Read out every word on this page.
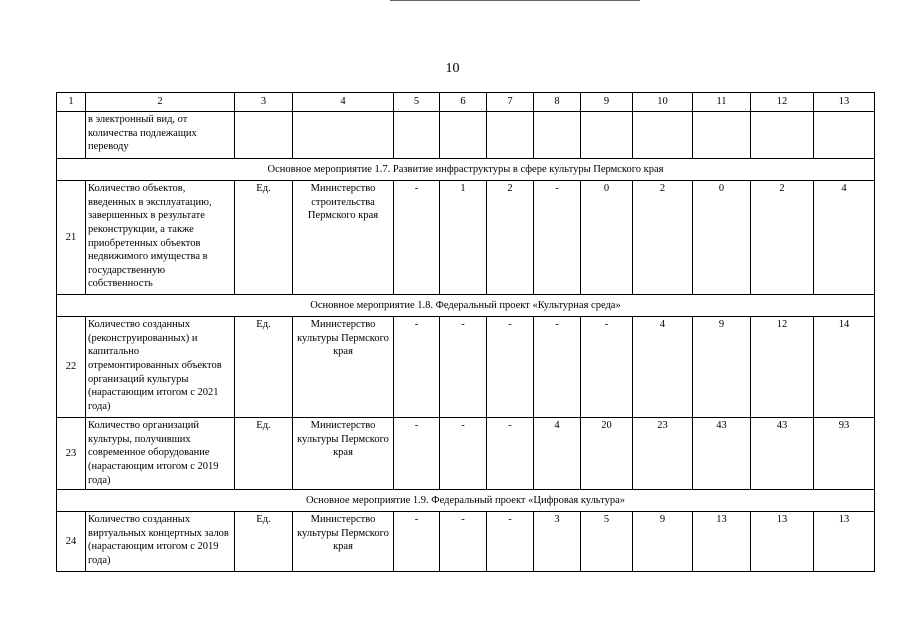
10
1	2	3	4	5	6	7	8	9	10	11	12	13
	в электронный вид, от количества подлежащих переводу											
Основное мероприятие 1.7. Развитие инфраструктуры в сфере культуры Пермского края												
21	Количество объектов, введенных в эксплуатацию, завершенных в результате реконструкции, а также приобретенных объектов недвижимого имущества в государственную собственность	Ед.	Министерство строительства Пермского края	-	1	2	-	0	2	0	2	4
Основное мероприятие 1.8. Федеральный проект «Культурная среда»												
22	Количество созданных (реконструированных) и капитально отремонтированных объектов организаций культуры (нарастающим итогом с 2021 года)	Ед.	Министерство культуры Пермского края	-	-	-	-	-	4	9	12	14
23	Количество организаций культуры, получивших современное оборудование (нарастающим итогом с 2019 года)	Ед.	Министерство культуры Пермского края	-	-	-	4	20	23	43	43	93
Основное мероприятие 1.9. Федеральный проект «Цифровая культура»												
24	Количество созданных виртуальных концертных залов (нарастающим итогом с 2019 года)	Ед.	Министерство культуры Пермского края	-	-	-	3	5	9	13	13	13
